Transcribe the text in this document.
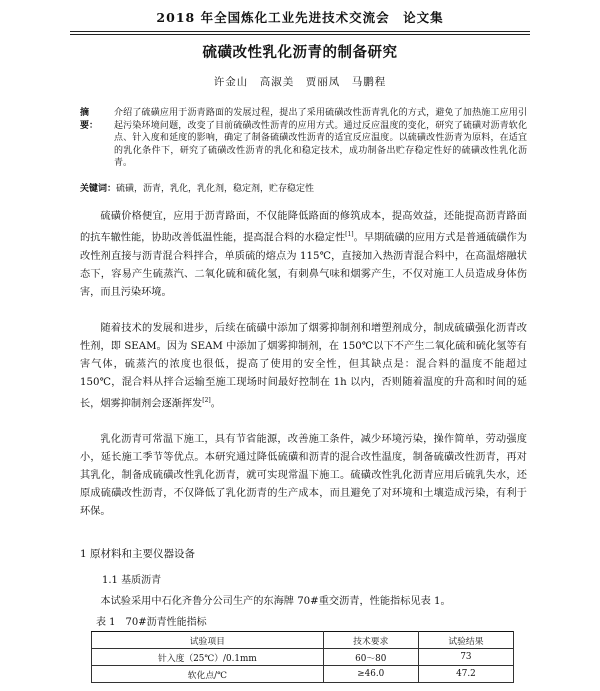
2018 年全国炼化工业先进技术交流会　论文集
硫磺改性乳化沥青的制备研究
许金山　高淑美　贾丽凤　马鹏程
摘　要：
介绍了硫磺应用于沥青路面的发展过程，提出了采用硫磺改性沥青乳化的方式，避免了加热施工应用引起污染环境问题，改变了目前硫磺改性沥青的应用方式。通过反应温度的变化，研究了硫磺对沥青软化点、针入度和延度的影响，确定了制备硫磺改性沥青的适宜反应温度。以硫磺改性沥青为原料，在适宜的乳化条件下，研究了硫磺改性沥青的乳化和稳定技术，成功制备出贮存稳定性好的硫磺改性乳化沥青。
关键词：硫磺，沥青，乳化，乳化剂，稳定剂，贮存稳定性

硫磺价格便宜，应用于沥青路面，不仅能降低路面的修筑成本，提高效益，还能提高沥青路面的抗车辙性能，协助改善低温性能，提高混合料的水稳定性[1]。早期硫磺的应用方式是普通硫磺作为改性剂直接与沥青混合料拌合，单质硫的熔点为 115℃，直接加入热沥青混合料中，在高温熔融状态下，容易产生硫蒸汽、二氧化硫和硫化氢，有刺鼻气味和烟雾产生，不仅对施工人员造成身体伤害，而且污染环境。

随着技术的发展和进步，后续在硫磺中添加了烟雾抑制剂和增塑剂成分，制成硫磺强化沥青改性剂，即 SEAM。因为 SEAM 中添加了烟雾抑制剂，在 150℃以下不产生二氧化硫和硫化氢等有害气体，硫蒸汽的浓度也很低，提高了使用的安全性，但其缺点是：混合料的温度不能超过 150℃，混合料从拌合运输至施工现场时间最好控制在 1h 以内，否则随着温度的升高和时间的延长，烟雾抑制剂会逐渐挥发[2]。

乳化沥青可常温下施工，具有节省能源，改善施工条件，减少环境污染，操作简单，劳动强度小，延长施工季节等优点。本研究通过降低硫磺和沥青的混合改性温度，制备硫磺改性沥青，再对其乳化，制备成硫磺改性乳化沥青，就可实现常温下施工。硫磺改性乳化沥青应用后硫乳失水，还原成硫磺改性沥青，不仅降低了乳化沥青的生产成本，而且避免了对环境和土壤造成污染，有利于环保。

1 原材料和主要仪器设备
1.1 基质沥青
本试验采用中石化齐鲁分公司生产的东海牌 70#重交沥青，性能指标见表 1。
表 1　70#沥青性能指标
试验项目	技术要求	试验结果
针入度（25℃）/0.1mm	60～80	73
软化点/℃	≥46.0	47.2
